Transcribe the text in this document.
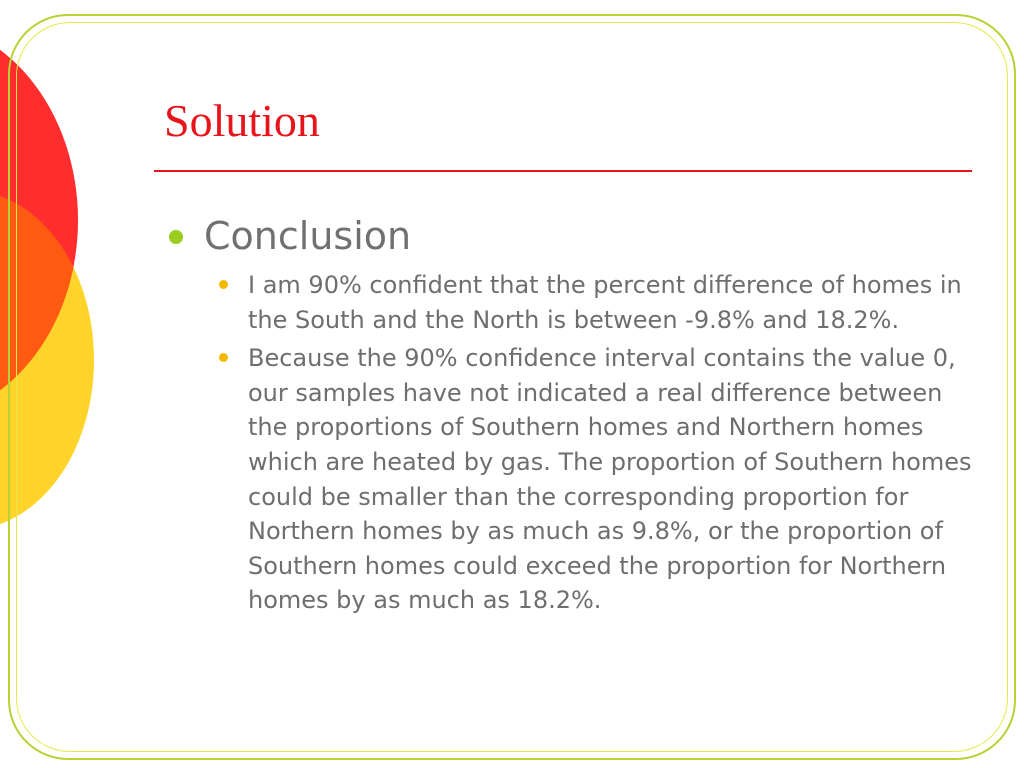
Solution
Conclusion
I am 90% confident that the percent difference of homes in the South and the North is between -9.8% and 18.2%.
Because the 90% confidence interval contains the value 0, our samples have not indicated a real difference between the proportions of Southern homes and Northern homes which are heated by gas. The proportion of Southern homes could be smaller than the corresponding proportion for Northern homes by as much as 9.8%, or the proportion of Southern homes could exceed the proportion for Northern homes by as much as 18.2%.
